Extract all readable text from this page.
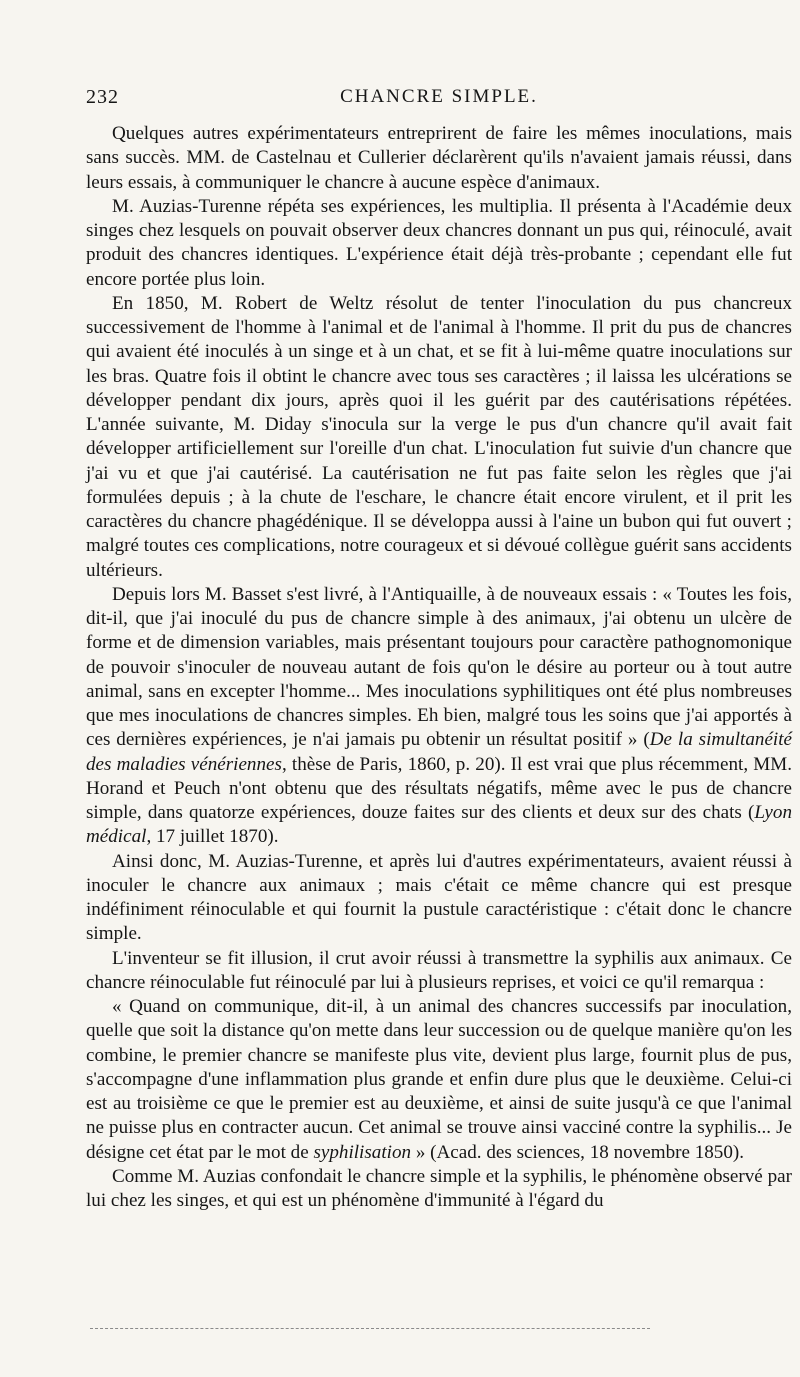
232	CHANCRE SIMPLE.

Quelques autres expérimentateurs entreprirent de faire les mêmes inoculations, mais sans succès. MM. de Castelnau et Cullerier déclarèrent qu'ils n'avaient jamais réussi, dans leurs essais, à communiquer le chancre à aucune espèce d'animaux.

M. Auzias-Turenne répéta ses expériences, les multiplia. Il présenta à l'Académie deux singes chez lesquels on pouvait observer deux chancres donnant un pus qui, réinoculé, avait produit des chancres identiques. L'expérience était déjà très-probante ; cependant elle fut encore portée plus loin.

En 1850, M. Robert de Weltz résolut de tenter l'inoculation du pus chancreux successivement de l'homme à l'animal et de l'animal à l'homme. Il prit du pus de chancres qui avaient été inoculés à un singe et à un chat, et se fit à lui-même quatre inoculations sur les bras. Quatre fois il obtint le chancre avec tous ses caractères ; il laissa les ulcérations se développer pendant dix jours, après quoi il les guérit par des cautérisations répétées. L'année suivante, M. Diday s'inocula sur la verge le pus d'un chancre qu'il avait fait développer artificiellement sur l'oreille d'un chat. L'inoculation fut suivie d'un chancre que j'ai vu et que j'ai cautérisé. La cautérisation ne fut pas faite selon les règles que j'ai formulées depuis ; à la chute de l'eschare, le chancre était encore virulent, et il prit les caractères du chancre phagédénique. Il se développa aussi à l'aine un bubon qui fut ouvert ; malgré toutes ces complications, notre courageux et si dévoué collègue guérit sans accidents ultérieurs.

Depuis lors M. Basset s'est livré, à l'Antiquaille, à de nouveaux essais : « Toutes les fois, dit-il, que j'ai inoculé du pus de chancre simple à des animaux, j'ai obtenu un ulcère de forme et de dimension variables, mais présentant toujours pour caractère pathognomonique de pouvoir s'inoculer de nouveau autant de fois qu'on le désire au porteur ou à tout autre animal, sans en excepter l'homme... Mes inoculations syphilitiques ont été plus nombreuses que mes inoculations de chancres simples. Eh bien, malgré tous les soins que j'ai apportés à ces dernières expériences, je n'ai jamais pu obtenir un résultat positif » (De la simultanéité des maladies vénériennes, thèse de Paris, 1860, p. 20). Il est vrai que plus récemment, MM. Horand et Peuch n'ont obtenu que des résultats négatifs, même avec le pus de chancre simple, dans quatorze expériences, douze faites sur des clients et deux sur des chats (Lyon médical, 17 juillet 1870).

Ainsi donc, M. Auzias-Turenne, et après lui d'autres expérimentateurs, avaient réussi à inoculer le chancre aux animaux ; mais c'était ce même chancre qui est presque indéfiniment réinoculable et qui fournit la pustule caractéristique : c'était donc le chancre simple.

L'inventeur se fit illusion, il crut avoir réussi à transmettre la syphilis aux animaux. Ce chancre réinoculable fut réinoculé par lui à plusieurs reprises, et voici ce qu'il remarqua :

« Quand on communique, dit-il, à un animal des chancres successifs par inoculation, quelle que soit la distance qu'on mette dans leur succession ou de quelque manière qu'on les combine, le premier chancre se manifeste plus vite, devient plus large, fournit plus de pus, s'accompagne d'une inflammation plus grande et enfin dure plus que le deuxième. Celui-ci est au troisième ce que le premier est au deuxième, et ainsi de suite jusqu'à ce que l'animal ne puisse plus en contracter aucun. Cet animal se trouve ainsi vacciné contre la syphilis... Je désigne cet état par le mot de syphilisation » (Acad. des sciences, 18 novembre 1850).

Comme M. Auzias confondait le chancre simple et la syphilis, le phénomène observé par lui chez les singes, et qui est un phénomène d'immunité à l'égard du
